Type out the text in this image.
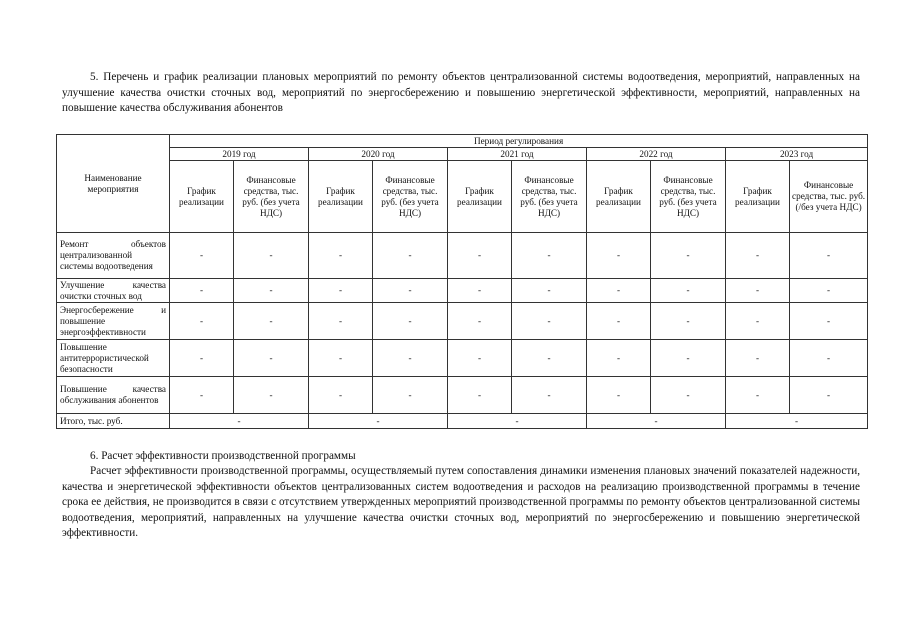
5. Перечень и график реализации плановых мероприятий по ремонту объектов централизованной системы водоотведения, мероприятий, направленных на улучшение качества очистки сточных вод, мероприятий по энергосбережению и повышению энергетической эффективности, мероприятий, направленных на повышение качества обслуживания абонентов

Наименование мероприятия	Период регулирования									
	2019 год		2020 год		2021 год		2022 год		2023 год	
	График реализации	Финансовые средства, тыс. руб. (без учета НДС)	График реализации	Финансовые средства, тыс. руб. (без учета НДС)	График реализации	Финансовые средства, тыс. руб. (без учета НДС)	График реализации	Финансовые средства, тыс. руб. (без учета НДС)	График реализации	Финансовые средства, тыс. руб. (/без учета НДС)
Ремонт объектов централизованной системы водоотведения	-	-	-	-	-	-	-	-	-	-
Улучшение качества очистки сточных вод	-	-	-	-	-	-	-	-	-	-
Энергосбережение и повышение энергоэффективности	-	-	-	-	-	-	-	-	-	-
Повышение антитеррористической безопасности	-	-	-	-	-	-	-	-	-	-
Повышение качества обслуживания абонентов	-	-	-	-	-	-	-	-	-	-
Итого, тыс. руб.	-		-		-		-		-	

6. Расчет эффективности производственной программы

Расчет эффективности производственной программы, осуществляемый путем сопоставления динамики изменения плановых значений показателей надежности, качества и энергетической эффективности объектов централизованных систем водоотведения и расходов на реализацию производственной программы в течение срока ее действия, не производится в связи с отсутствием утвержденных мероприятий производственной программы по ремонту объектов централизованной системы водоотведения, мероприятий, направленных на улучшение качества очистки сточных вод, мероприятий по энергосбережению и повышению энергетической эффективности.
